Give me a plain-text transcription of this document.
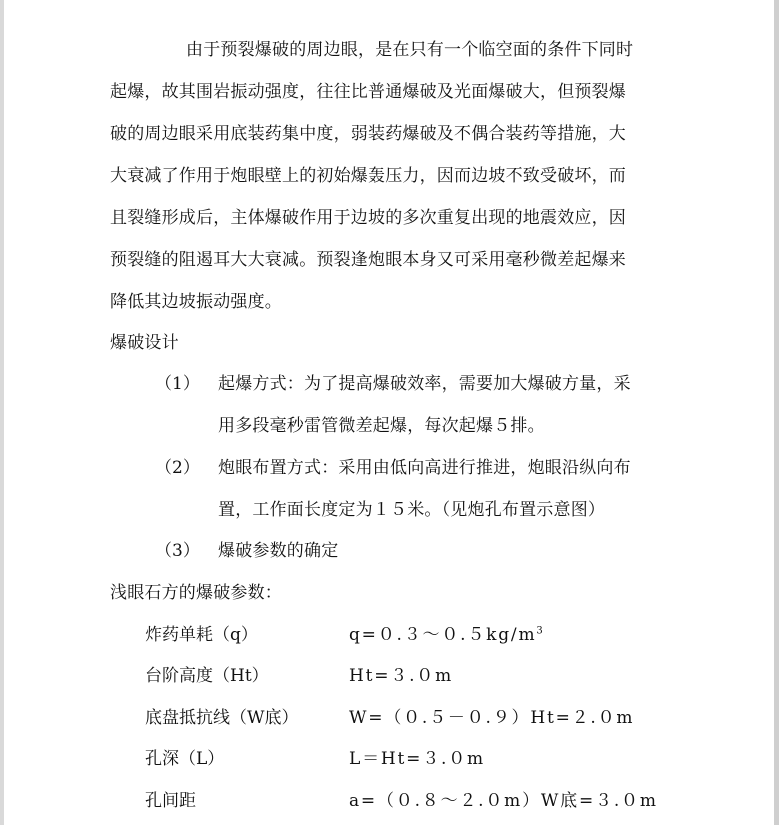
由于预裂爆破的周边眼，是在只有一个临空面的条件下同时
起爆，故其围岩振动强度，往往比普通爆破及光面爆破大，但预裂爆
破的周边眼采用底装药集中度，弱装药爆破及不偶合装药等措施，大
大衰减了作用于炮眼壁上的初始爆轰压力，因而边坡不致受破坏，而
且裂缝形成后，主体爆破作用于边坡的多次重复出现的地震效应，因
预裂缝的阻遏耳大大衰减。预裂逢炮眼本身又可采用毫秒微差起爆来
降低其边坡振动强度。
爆破设计
（1） 起爆方式：为了提高爆破效率，需要加大爆破方量，采
用多段毫秒雷管微差起爆，每次起爆５排。
（2） 炮眼布置方式：采用由低向高进行推进，炮眼沿纵向布
置，工作面长度定为１５米。（见炮孔布置示意图）
（3） 爆破参数的确定
浅眼石方的爆破参数：
炸药单耗（q）	$q=0.3\sim 0.5kg/m^3$
台阶高度（Ht）	Ht=３.０m
底盘抵抗线（W底）	W=（０.５－０.９）Ht=２.０m
孔深（L）	L＝Ht=３.０m
孔间距	a=（０.８～２.０m）W底=３.０m
